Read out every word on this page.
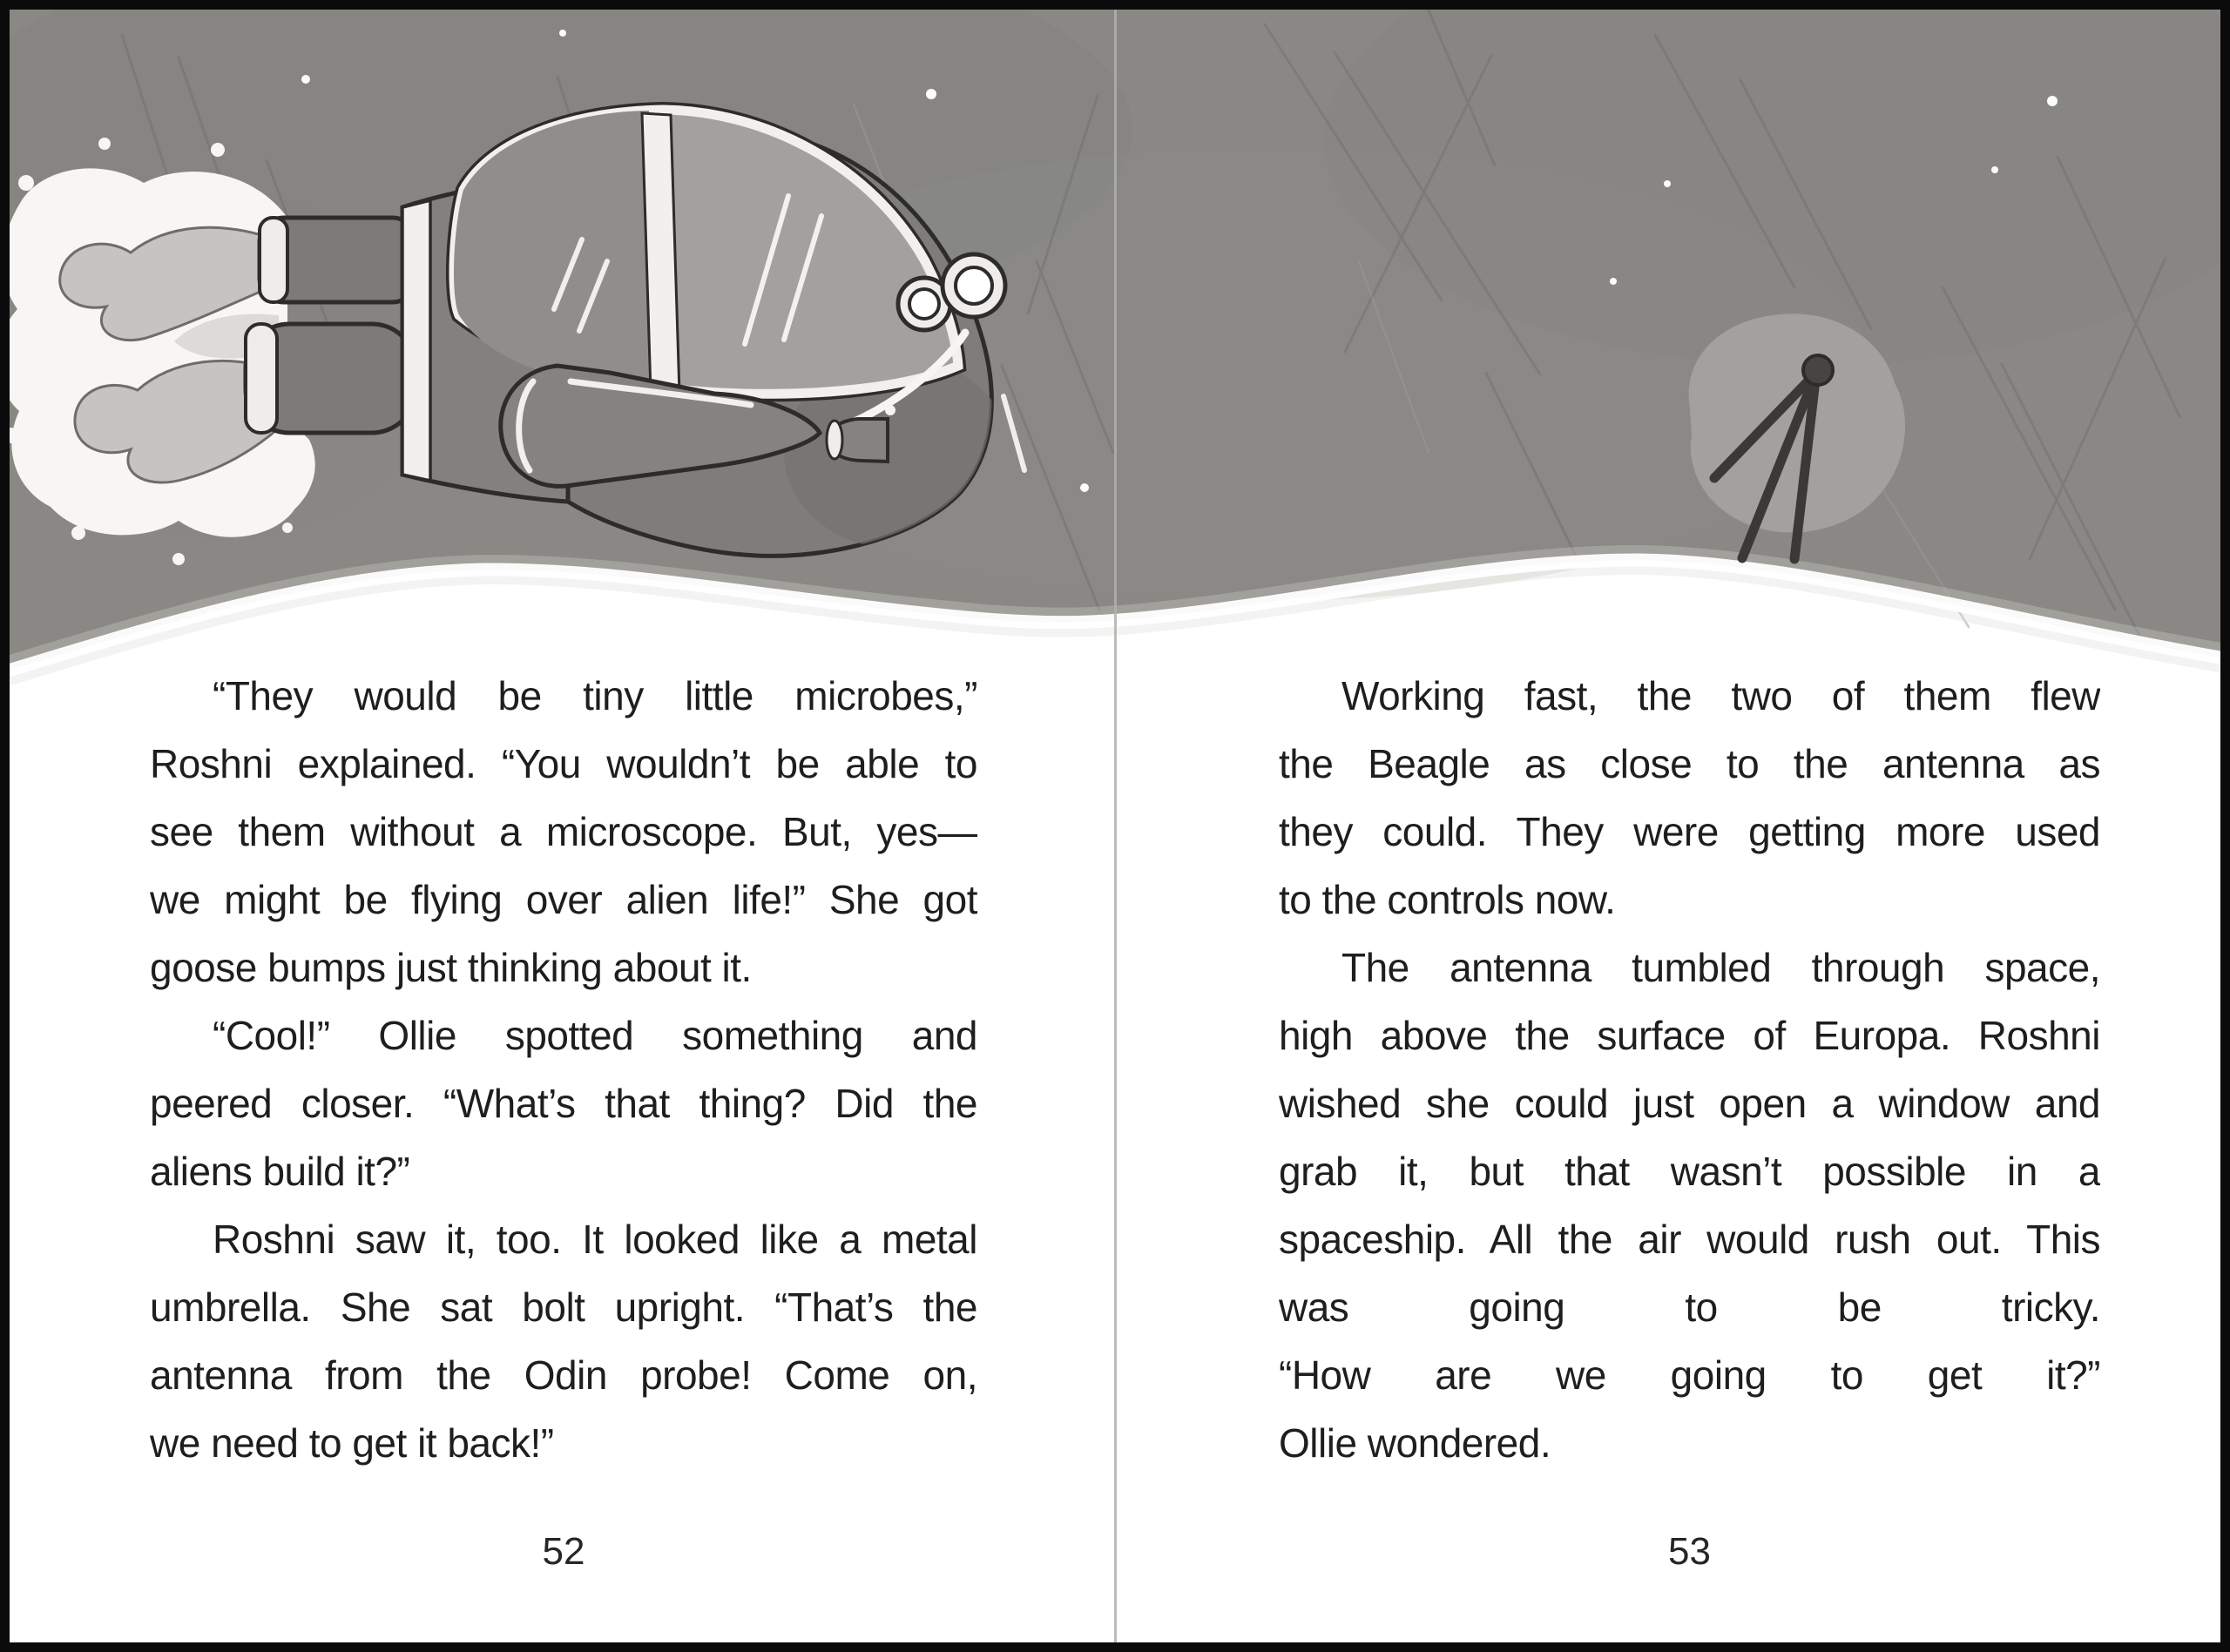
“They would be tiny little microbes,”
Roshni explained. “You wouldn’t be able to
see them without a microscope. But, yes—
we might be flying over alien life!” She got
goose bumps just thinking about it.
“Cool!” Ollie spotted something and
peered closer. “What’s that thing? Did the
aliens build it?”
Roshni saw it, too. It looked like a metal
umbrella. She sat bolt upright. “That’s the
antenna from the Odin probe! Come on,
we need to get it back!”
Working fast, the two of them flew
the Beagle as close to the antenna as
they could. They were getting more used
to the controls now.
The antenna tumbled through space,
high above the surface of Europa. Roshni
wished she could just open a window and
grab it, but that wasn’t possible in a
spaceship. All the air would rush out. This
was going to be tricky.
“How are we going to get it?”
Ollie wondered.
52	53
